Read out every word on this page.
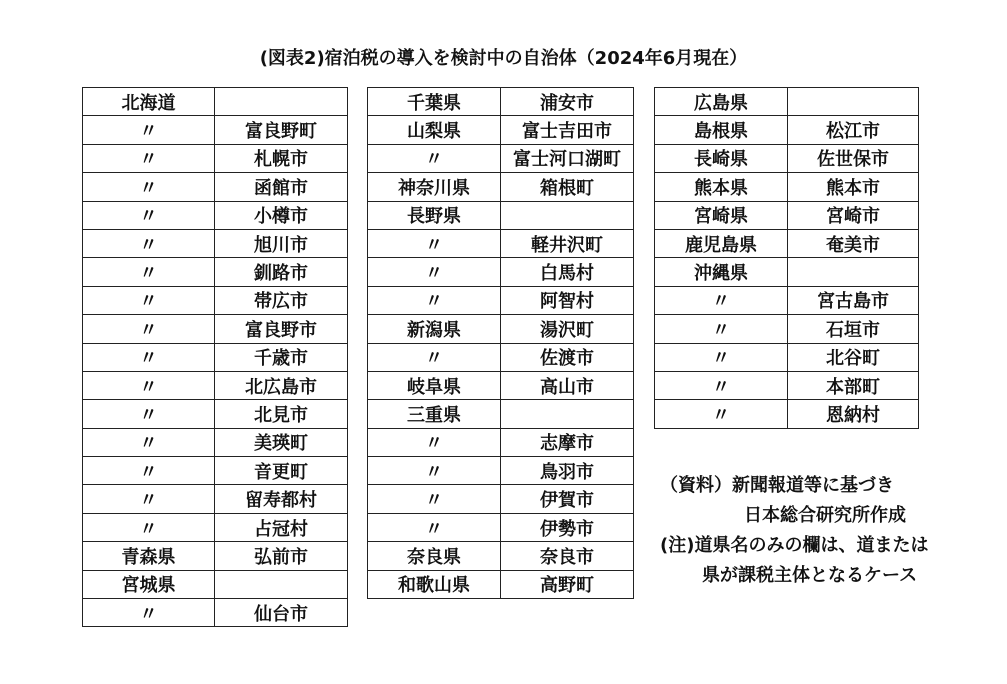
(図表2)宿泊税の導入を検討中の自治体（2024年6月現在）
北海道	
〃	富良野町
〃	札幌市
〃	函館市
〃	小樽市
〃	旭川市
〃	釧路市
〃	帯広市
〃	富良野市
〃	千歳市
〃	北広島市
〃	北見市
〃	美瑛町
〃	音更町
〃	留寿都村
〃	占冠村
青森県	弘前市
宮城県	
〃	仙台市
千葉県	浦安市
山梨県	富士吉田市
〃	富士河口湖町
神奈川県	箱根町
長野県	
〃	軽井沢町
〃	白馬村
〃	阿智村
新潟県	湯沢町
〃	佐渡市
岐阜県	高山市
三重県	
〃	志摩市
〃	鳥羽市
〃	伊賀市
〃	伊勢市
奈良県	奈良市
和歌山県	高野町
広島県	
島根県	松江市
長崎県	佐世保市
熊本県	熊本市
宮崎県	宮崎市
鹿児島県	奄美市
沖縄県	
〃	宮古島市
〃	石垣市
〃	北谷町
〃	本部町
〃	恩納村
（資料）新聞報道等に基づき
日本総合研究所作成
(注)道県名のみの欄は、道または
県が課税主体となるケース
